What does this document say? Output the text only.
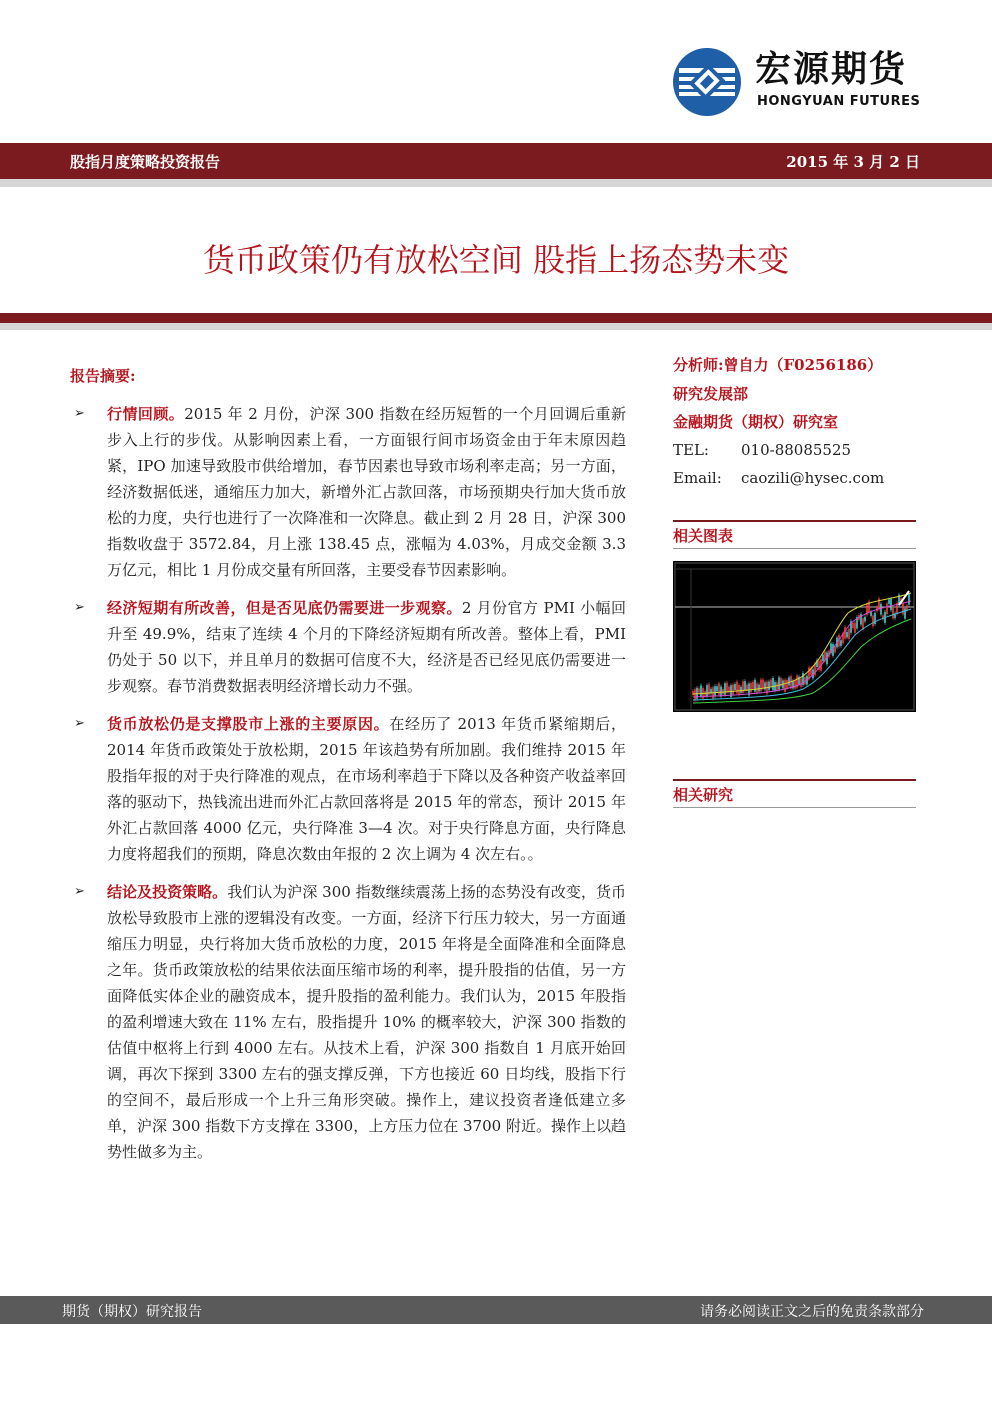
宏源期货
HONGYUAN FUTURES
股指月度策略投资报告	2015 年 3 月 2 日
货币政策仍有放松空间 股指上扬态势未变
报告摘要:
➢ 行情回顾。2015 年 2 月份，沪深 300 指数在经历短暂的一个月回调后重新步入上行的步伐。从影响因素上看，一方面银行间市场资金由于年末原因趋紧，IPO 加速导致股市供给增加，春节因素也导致市场利率走高；另一方面，经济数据低迷，通缩压力加大，新增外汇占款回落，市场预期央行加大货币放松的力度，央行也进行了一次降准和一次降息。截止到 2 月 28 日，沪深 300 指数收盘于 3572.84，月上涨 138.45 点，涨幅为 4.03%，月成交金额 3.3 万亿元，相比 1 月份成交量有所回落，主要受春节因素影响。
➢ 经济短期有所改善，但是否见底仍需要进一步观察。2 月份官方 PMI 小幅回升至 49.9%，结束了连续 4 个月的下降经济短期有所改善。整体上看，PMI 仍处于 50 以下，并且单月的数据可信度不大，经济是否已经见底仍需要进一步观察。春节消费数据表明经济增长动力不强。
➢ 货币放松仍是支撑股市上涨的主要原因。在经历了 2013 年货币紧缩期后，2014 年货币政策处于放松期，2015 年该趋势有所加剧。我们维持 2015 年股指年报的对于央行降准的观点，在市场利率趋于下降以及各种资产收益率回落的驱动下，热钱流出进而外汇占款回落将是 2015 年的常态，预计 2015 年外汇占款回落 4000 亿元，央行降准 3—4 次。对于央行降息方面，央行降息力度将超我们的预期，降息次数由年报的 2 次上调为 4 次左右。。
➢ 结论及投资策略。我们认为沪深 300 指数继续震荡上扬的态势没有改变，货币放松导致股市上涨的逻辑没有改变。一方面，经济下行压力较大，另一方面通缩压力明显，央行将加大货币放松的力度，2015 年将是全面降准和全面降息之年。货币政策放松的结果依法面压缩市场的利率，提升股指的估值，另一方面降低实体企业的融资成本，提升股指的盈利能力。我们认为，2015 年股指的盈利增速大致在 11% 左右，股指提升 10% 的概率较大，沪深 300 指数的估值中枢将上行到 4000 左右。从技术上看，沪深 300 指数自 1 月底开始回调，再次下探到 3300 左右的强支撑反弹，下方也接近 60 日均线，股指下行的空间不，最后形成一个上升三角形突破。操作上，建议投资者逢低建立多单，沪深 300 指数下方支撑在 3300，上方压力位在 3700 附近。操作上以趋势性做多为主。
分析师:曾自力（F0256186）
研究发展部
金融期货（期权）研究室
TEL: 010-88085525
Email: caozili@hysec.com
相关图表
相关研究
期货（期权）研究报告	请务必阅读正文之后的免责条款部分
